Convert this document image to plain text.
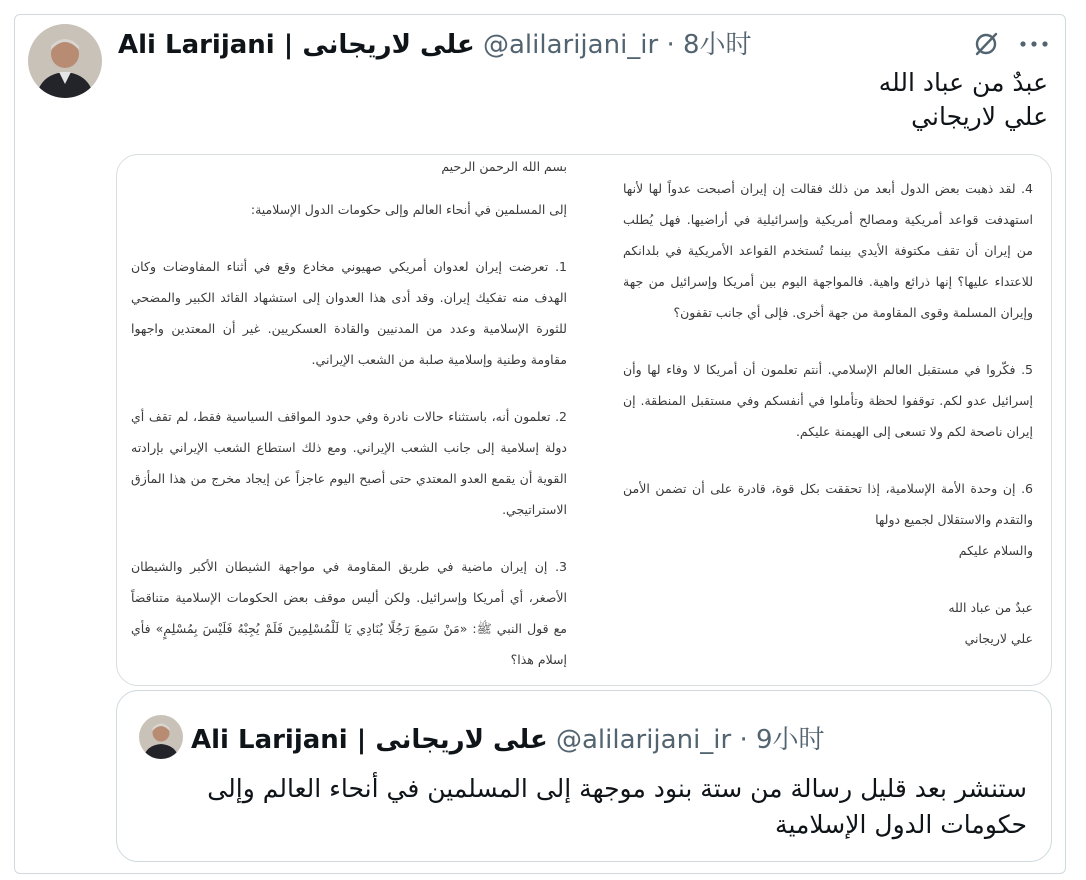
Ali Larijani | على لاريجانى @alilarijani_ir · 8小时
عبدٌ من عباد الله
علي لاريجاني

4. لقد ذهبت بعض الدول أبعد من ذلك فقالت إن إيران أصبحت عدواً لها لأنها استهدفت قواعد أمريكية ومصالح أمريكية وإسرائيلية في أراضيها. فهل يُطلب من إيران أن تقف مكتوفة الأيدي بينما تُستخدم القواعد الأمريكية في بلدانكم للاعتداء عليها؟ إنها ذرائع واهية. فالمواجهة اليوم بين أمريكا وإسرائيل من جهة وإيران المسلمة وقوى المقاومة من جهة أخرى. فإلى أي جانب تقفون؟

5. فكّروا في مستقبل العالم الإسلامي. أنتم تعلمون أن أمريكا لا وفاء لها وأن إسرائيل عدو لكم. توقفوا لحظة وتأملوا في أنفسكم وفي مستقبل المنطقة. إن إيران ناصحة لكم ولا تسعى إلى الهيمنة عليكم.

6. إن وحدة الأمة الإسلامية، إذا تحققت بكل قوة، قادرة على أن تضمن الأمن والتقدم والاستقلال لجميع دولها
والسلام عليكم

عبدٌ من عباد الله
علي لاريجاني

بسم الله الرحمن الرحيم

إلى المسلمين في أنحاء العالم وإلى حكومات الدول الإسلامية:

1. تعرضت إيران لعدوان أمريكي صهيوني مخادع وقع في أثناء المفاوضات وكان الهدف منه تفكيك إيران. وقد أدى هذا العدوان إلى استشهاد القائد الكبير والمضحي للثورة الإسلامية وعدد من المدنيين والقادة العسكريين. غير أن المعتدين واجهوا مقاومة وطنية وإسلامية صلبة من الشعب الإيراني.

2. تعلمون أنه، باستثناء حالات نادرة وفي حدود المواقف السياسية فقط، لم تقف أي دولة إسلامية إلى جانب الشعب الإيراني. ومع ذلك استطاع الشعب الإيراني بإرادته القوية أن يقمع العدو المعتدي حتى أصبح اليوم عاجزاً عن إيجاد مخرج من هذا المأزق الاستراتيجي.

3. إن إيران ماضية في طريق المقاومة في مواجهة الشيطان الأكبر والشيطان الأصغر، أي أمريكا وإسرائيل. ولكن أليس موقف بعض الحكومات الإسلامية متناقضاً مع قول النبي ﷺ: «مَنْ سَمِعَ رَجُلًا يُنَادِي يَا لَلْمُسْلِمِينَ فَلَمْ يُجِبْهُ فَلَيْسَ بِمُسْلِمٍ» فأي إسلام هذا؟

Ali Larijani | على لاريجانى @alilarijani_ir · 9小时
ستنشر بعد قليل رسالة من ستة بنود موجهة إلى المسلمين في أنحاء العالم وإلى حكومات الدول الإسلامية
